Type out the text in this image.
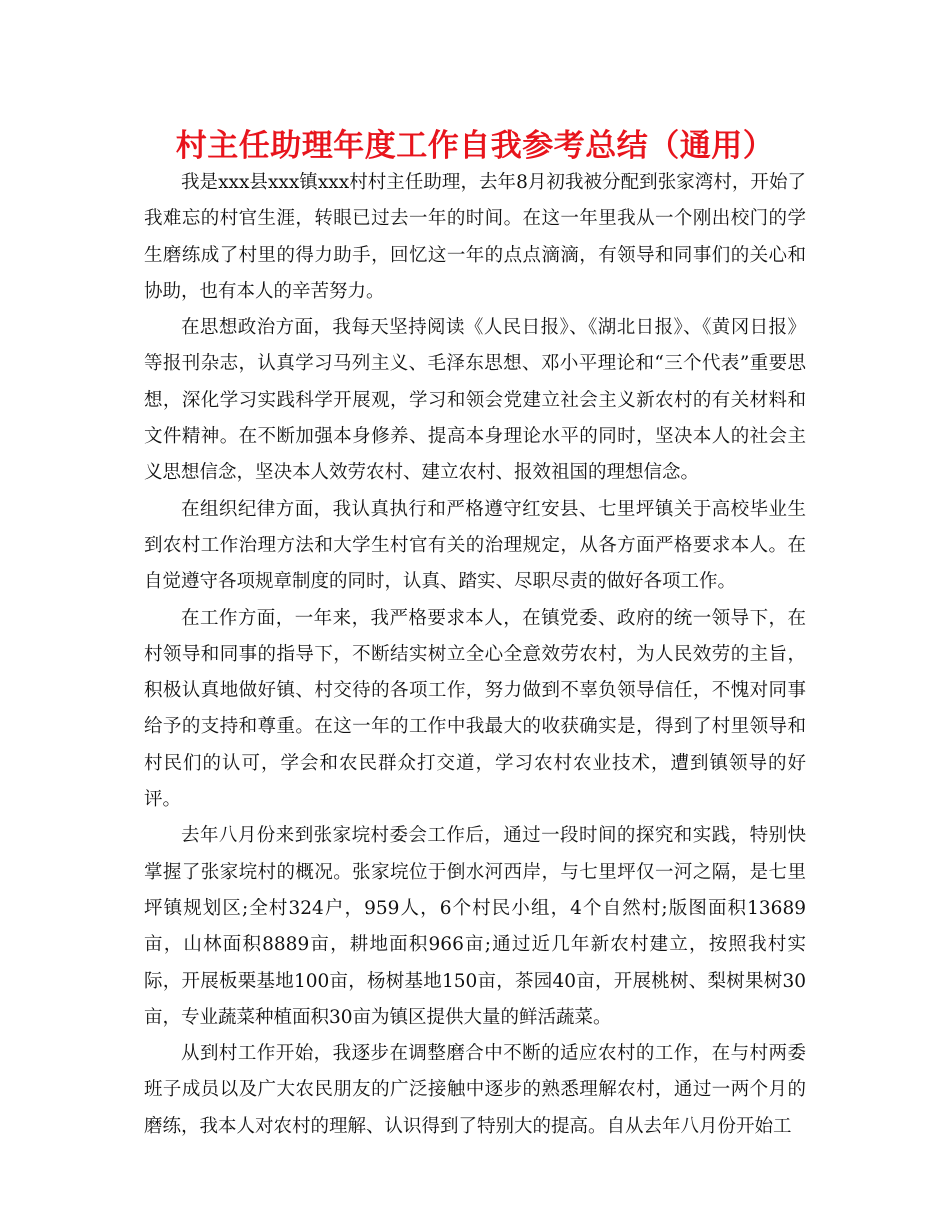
村主任助理年度工作自我参考总结（通用）

我是xxx县xxx镇xxx村村主任助理，去年8月初我被分配到张家湾村，开始了我难忘的村官生涯，转眼已过去一年的时间。在这一年里我从一个刚出校门的学生磨练成了村里的得力助手，回忆这一年的点点滴滴，有领导和同事们的关心和协助，也有本人的辛苦努力。

在思想政治方面，我每天坚持阅读《人民日报》、《湖北日报》、《黄冈日报》等报刊杂志，认真学习马列主义、毛泽东思想、邓小平理论和“三个代表”重要思想，深化学习实践科学开展观，学习和领会党建立社会主义新农村的有关材料和文件精神。在不断加强本身修养、提高本身理论水平的同时，坚决本人的社会主义思想信念，坚决本人效劳农村、建立农村、报效祖国的理想信念。

在组织纪律方面，我认真执行和严格遵守红安县、七里坪镇关于高校毕业生到农村工作治理方法和大学生村官有关的治理规定，从各方面严格要求本人。在自觉遵守各项规章制度的同时，认真、踏实、尽职尽责的做好各项工作。

在工作方面，一年来，我严格要求本人，在镇党委、政府的统一领导下，在村领导和同事的指导下，不断结实树立全心全意效劳农村，为人民效劳的主旨，积极认真地做好镇、村交待的各项工作，努力做到不辜负领导信任，不愧对同事给予的支持和尊重。在这一年的工作中我最大的收获确实是，得到了村里领导和村民们的认可，学会和农民群众打交道，学习农村农业技术，遭到镇领导的好评。

去年八月份来到张家垸村委会工作后，通过一段时间的探究和实践，特别快掌握了张家垸村的概况。张家垸位于倒水河西岸，与七里坪仅一河之隔，是七里坪镇规划区;全村324户，959人，6个村民小组，4个自然村;版图面积13689亩，山林面积8889亩，耕地面积966亩;通过近几年新农村建立，按照我村实际，开展板栗基地100亩，杨树基地150亩，茶园40亩，开展桃树、梨树果树30亩，专业蔬菜种植面积30亩为镇区提供大量的鲜活蔬菜。

从到村工作开始，我逐步在调整磨合中不断的适应农村的工作，在与村两委班子成员以及广大农民朋友的广泛接触中逐步的熟悉理解农村，通过一两个月的磨练，我本人对农村的理解、认识得到了特别大的提高。自从去年八月份开始工
